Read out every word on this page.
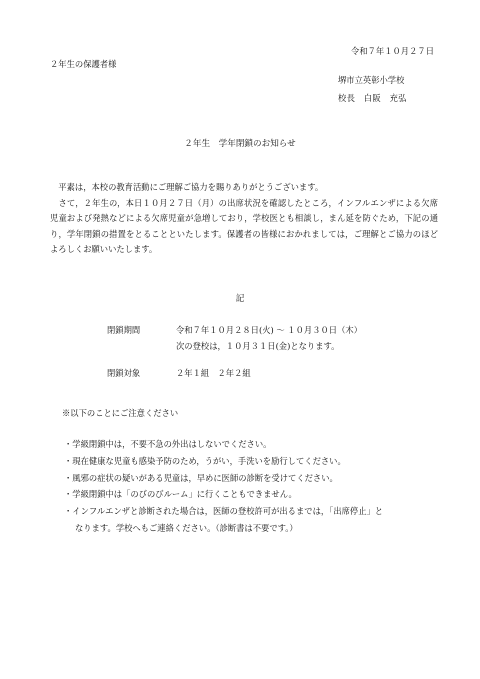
令和７年１０月２７日
２年生の保護者様
堺市立英彰小学校
校長　白阪　充弘
２年生　学年閉鎖のお知らせ

　平素は，本校の教育活動にご理解ご協力を賜りありがとうございます。

　さて，２年生の，本日１０月２７日（月）の出席状況を確認したところ，インフルエンザによる欠席児童および発熱などによる欠席児童が急増しており，学校医とも相談し，まん延を防ぐため，下記の通り，学年閉鎖の措置をとることといたします。保護者の皆様におかれましては，ご理解とご協力のほどよろしくお願いいたします。

記
閉鎖期間	令和７年１０月２８日(火) 〜 １０月３０日（木）
次の登校は，１０月３１日(金)となります。
閉鎖対象	２年１組　２年２組
※以下のことにご注意ください

・学級閉鎖中は，不要不急の外出はしないでください。

・現在健康な児童も感染予防のため，うがい，手洗いを励行してください。

・風邪の症状の疑いがある児童は，早めに医師の診断を受けてください。

・学級閉鎖中は「のびのびルーム」に行くこともできません。

・インフルエンザと診断された場合は，医師の登校許可が出るまでは，「出席停止」と

なります。学校へもご連絡ください。（診断書は不要です。）
